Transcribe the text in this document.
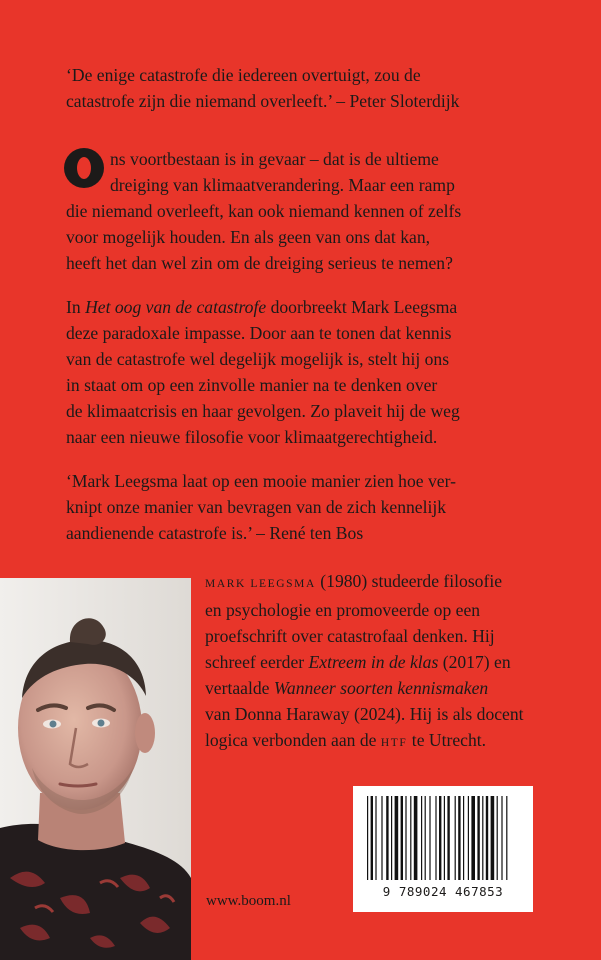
‘De enige catastrofe die iedereen overtuigt, zou de
catastrofe zijn die niemand overleeft.’ – Peter Sloterdijk
ns voortbestaan is in gevaar – dat is de ultieme
dreiging van klimaatverandering. Maar een ramp
die niemand overleeft, kan ook niemand kennen of zelfs
voor mogelijk houden. En als geen van ons dat kan,
heeft het dan wel zin om de dreiging serieus te nemen?
In Het oog van de catastrofe doorbreekt Mark Leegsma
deze paradoxale impasse. Door aan te tonen dat kennis
van de catastrofe wel degelijk mogelijk is, stelt hij ons
in staat om op een zinvolle manier na te denken over
de klimaatcrisis en haar gevolgen. Zo plaveit hij de weg
naar een nieuwe filosofie voor klimaatgerechtigheid.
‘Mark Leegsma laat op een mooie manier zien hoe ver-
knipt onze manier van bevragen van de zich kennelijk
aandienende catastrofe is.’ – René ten Bos
MARK LEEGSMA (1980) studeerde filosofie
en psychologie en promoveerde op een
proefschrift over catastrofaal denken. Hij
schreef eerder Extreem in de klas (2017) en
vertaalde Wanneer soorten kennismaken
van Donna Haraway (2024). Hij is als docent
logica verbonden aan de HTF te Utrecht.
9 789024 467853
www.boom.nl
